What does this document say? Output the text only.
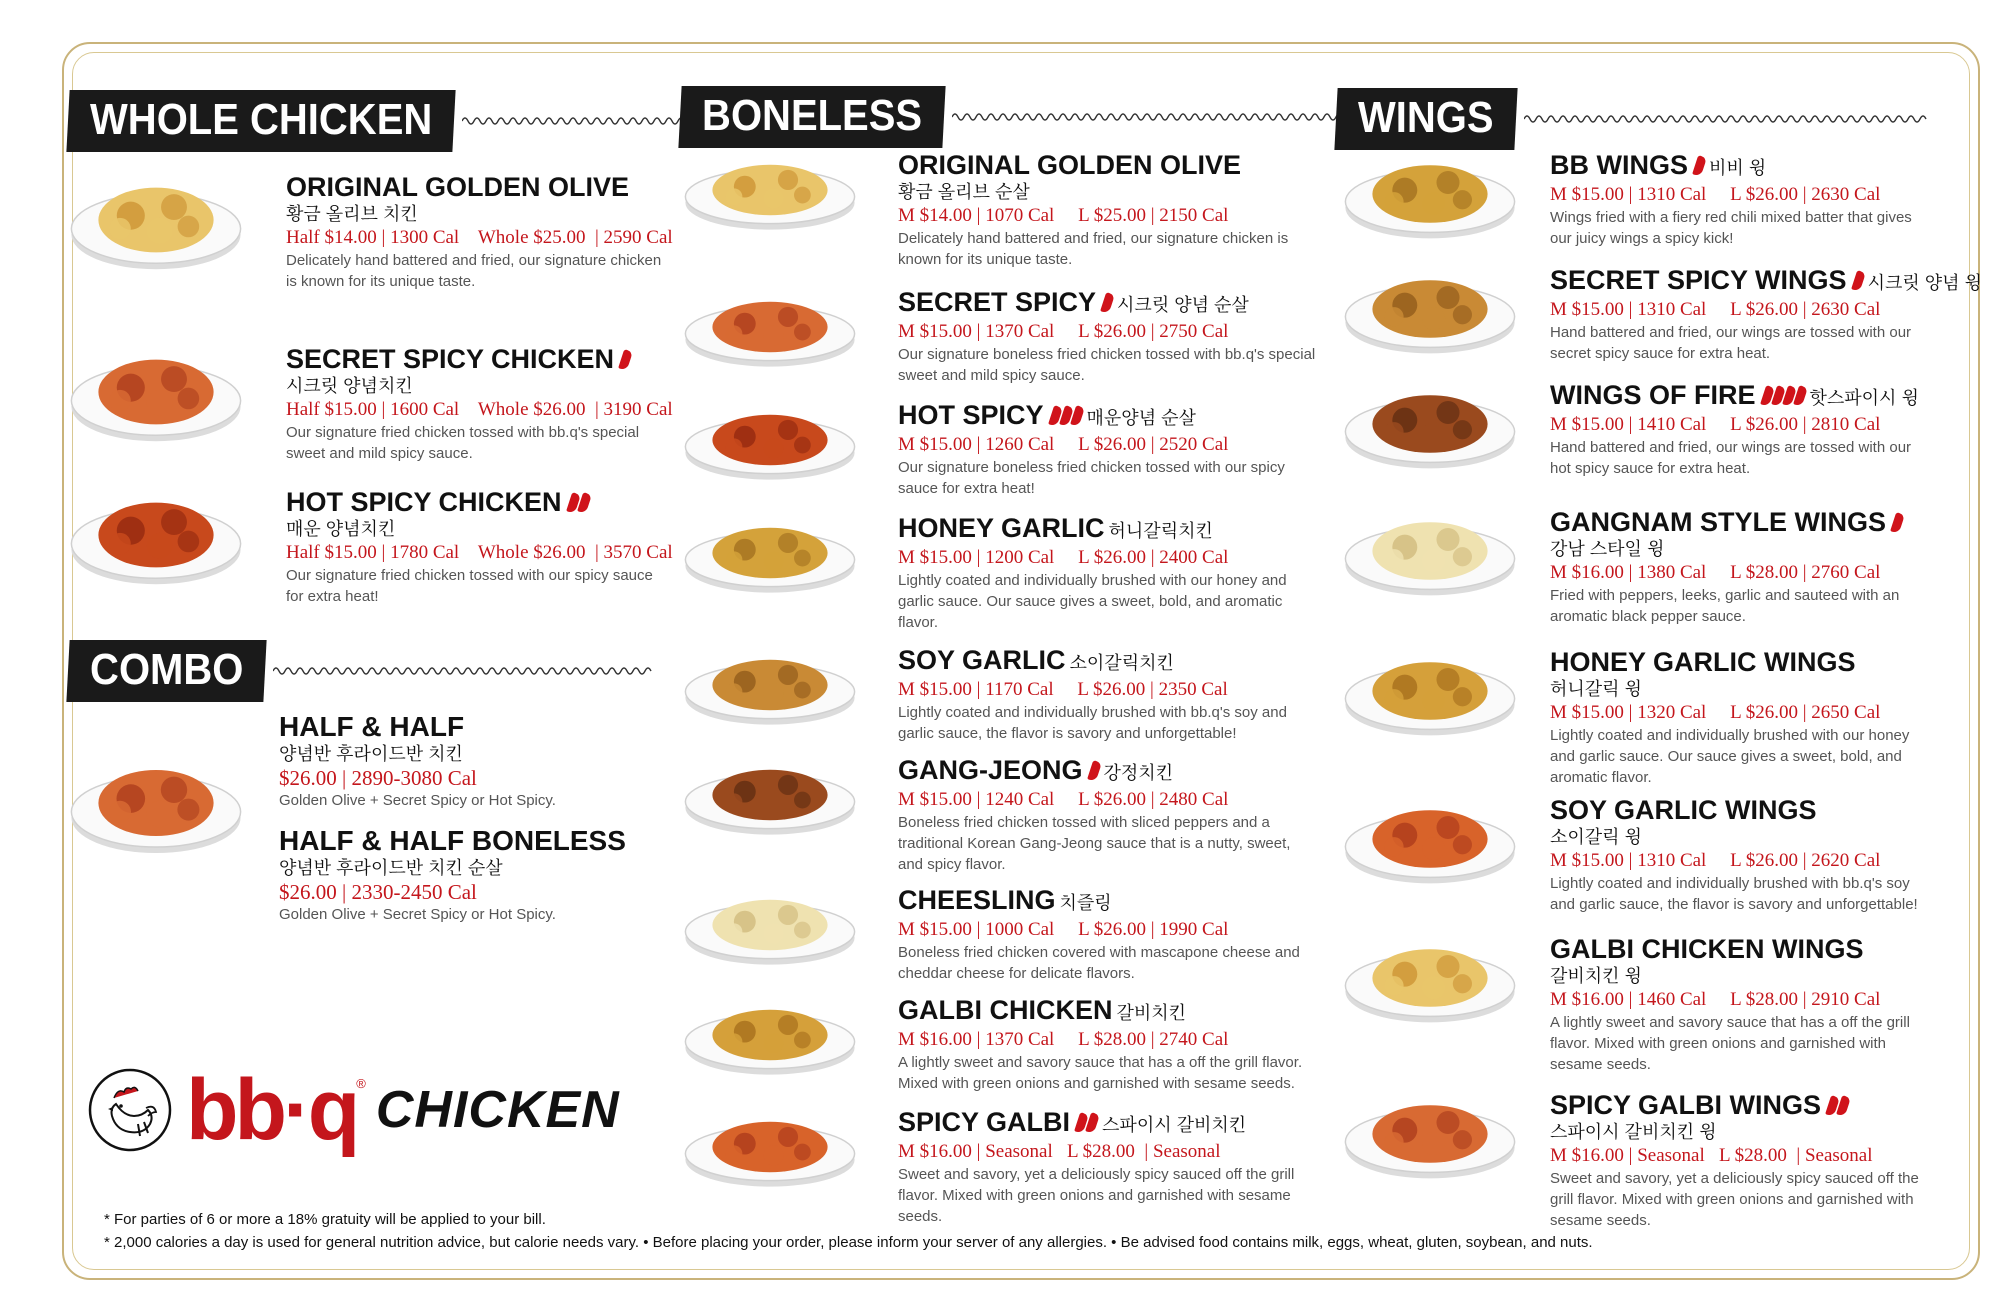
WHOLE CHICKEN	BONELESS	WINGS
COMBO
bb·q ® CHICKEN
* For parties of 6 or more a 18% gratuity will be applied to your bill.
* 2,000 calories a day is used for general nutrition advice, but calorie needs vary. • Before placing your order, please inform your server of any allergies. • Be advised food contains milk, eggs, wheat, gluten, soybean, and nuts.
ORIGINAL GOLDEN OLIVE
황금 올리브 치킨
Half $14.00 | 1300 Cal    Whole $25.00  | 2590 Cal
Delicately hand battered and fried, our signature chicken is known for its unique taste.
SECRET SPICY CHICKEN
시크릿 양념치킨
Half $15.00 | 1600 Cal    Whole $26.00  | 3190 Cal
Our signature fried chicken tossed with bb.q's special sweet and mild spicy sauce.
HOT SPICY CHICKEN
매운 양념치킨
Half $15.00 | 1780 Cal    Whole $26.00  | 3570 Cal
Our signature fried chicken tossed with our spicy sauce for extra heat!
HALF & HALF
양념반 후라이드반 치킨
$26.00 | 2890-3080 Cal
Golden Olive + Secret Spicy or Hot Spicy.
HALF & HALF BONELESS
양념반 후라이드반 치킨 순살
$26.00 | 2330-2450 Cal
Golden Olive + Secret Spicy or Hot Spicy.
ORIGINAL GOLDEN OLIVE
황금 올리브 순살
M $14.00 | 1070 Cal     L $25.00 | 2150 Cal
Delicately hand battered and fried, our signature chicken is known for its unique taste.
SECRET SPICY 시크릿 양념 순살
M $15.00 | 1370 Cal     L $26.00 | 2750 Cal
Our signature boneless fried chicken tossed with bb.q's special sweet and mild spicy sauce.
HOT SPICY 매운양념 순살
M $15.00 | 1260 Cal     L $26.00 | 2520 Cal
Our signature boneless fried chicken tossed with our spicy sauce for extra heat!
HONEY GARLIC 허니갈릭치킨
M $15.00 | 1200 Cal     L $26.00 | 2400 Cal
Lightly coated and individually brushed with our honey and garlic sauce. Our sauce gives a sweet, bold, and aromatic flavor.
SOY GARLIC 소이갈릭치킨
M $15.00 | 1170 Cal     L $26.00 | 2350 Cal
Lightly coated and individually brushed with bb.q's soy and garlic sauce, the flavor is savory and unforgettable!
GANG-JEONG 강정치킨
M $15.00 | 1240 Cal     L $26.00 | 2480 Cal
Boneless fried chicken tossed with sliced peppers and a traditional Korean Gang-Jeong sauce that is a nutty, sweet, and spicy flavor.
CHEESLING 치즐링
M $15.00 | 1000 Cal     L $26.00 | 1990 Cal
Boneless fried chicken covered with mascapone cheese and cheddar cheese for delicate flavors.
GALBI CHICKEN 갈비치킨
M $16.00 | 1370 Cal     L $28.00 | 2740 Cal
A lightly sweet and savory sauce that has a off the grill flavor. Mixed with green onions and garnished with sesame seeds.
SPICY GALBI 스파이시 갈비치킨
M $16.00 | Seasonal   L $28.00  | Seasonal
Sweet and savory, yet a deliciously spicy sauced off the grill flavor. Mixed with green onions and garnished with sesame seeds.
BB WINGS 비비 윙
M $15.00 | 1310 Cal     L $26.00 | 2630 Cal
Wings fried with a fiery red chili mixed batter that gives our juicy wings a spicy kick!
SECRET SPICY WINGS 시크릿 양념 윙
M $15.00 | 1310 Cal     L $26.00 | 2630 Cal
Hand battered and fried, our wings are tossed with our secret spicy sauce for extra heat.
WINGS OF FIRE	핫스파이시 윙
M $15.00 | 1410 Cal     L $26.00 | 2810 Cal
Hand battered and fried, our wings are tossed with our hot spicy sauce for extra heat.
GANGNAM STYLE WINGS
강남 스타일 윙
M $16.00 | 1380 Cal     L $28.00 | 2760 Cal
Fried with peppers, leeks, garlic and sauteed with an aromatic black pepper sauce.
HONEY GARLIC WINGS
허니갈릭 윙
M $15.00 | 1320 Cal     L $26.00 | 2650 Cal
Lightly coated and individually brushed with our honey and garlic sauce. Our sauce gives a sweet, bold, and aromatic flavor.
SOY GARLIC WINGS
소이갈릭 윙
M $15.00 | 1310 Cal     L $26.00 | 2620 Cal
Lightly coated and individually brushed with bb.q's soy and garlic sauce, the flavor is savory and unforgettable!
GALBI CHICKEN WINGS
갈비치킨 윙
M $16.00 | 1460 Cal     L $28.00 | 2910 Cal
A lightly sweet and savory sauce that has a off the grill flavor. Mixed with green onions and garnished with sesame seeds.
SPICY GALBI WINGS
스파이시 갈비치킨 윙
M $16.00 | Seasonal   L $28.00  | Seasonal
Sweet and savory, yet a deliciously spicy sauced off the grill flavor. Mixed with green onions and garnished with sesame seeds.
